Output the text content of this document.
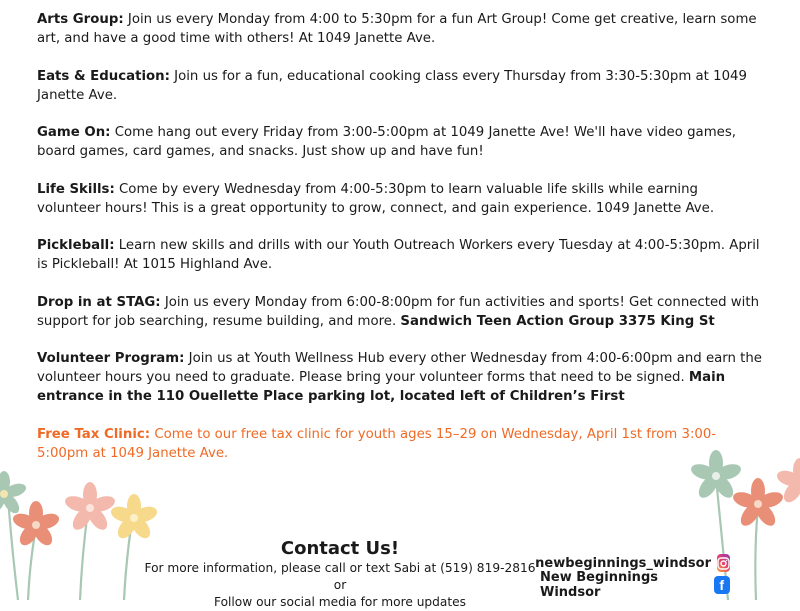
Arts Group: Join us every Monday from 4:00 to 5:30pm for a fun Art Group! Come get creative, learn some art, and have a good time with others! At 1049 Janette Ave.

Eats & Education: Join us for a fun, educational cooking class every Thursday from 3:30-5:30pm at 1049 Janette Ave.

Game On: Come hang out every Friday from 3:00-5:00pm at 1049 Janette Ave! We'll have video games, board games, card games, and snacks. Just show up and have fun!

Life Skills: Come by every Wednesday from 4:00-5:30pm to learn valuable life skills while earning volunteer hours! This is a great opportunity to grow, connect, and gain experience. 1049 Janette Ave.

Pickleball: Learn new skills and drills with our Youth Outreach Workers every Tuesday at 4:00-5:30pm. April is Pickleball! At 1015 Highland Ave.

Drop in at STAG: Join us every Monday from 6:00-8:00pm for fun activities and sports! Get connected with support for job searching, resume building, and more. Sandwich Teen Action Group 3375 King St

Volunteer Program: Join us at Youth Wellness Hub every other Wednesday from 4:00-6:00pm and earn the volunteer hours you need to graduate. Please bring your volunteer forms that need to be signed. Main entrance in the 110 Ouellette Place parking lot, located left of Children’s First

Free Tax Clinic: Come to our free tax clinic for youth ages 15–29 on Wednesday, April 1st from 3:00-5:00pm at 1049 Janette Ave.

Contact Us!

For more information, please call or text Sabi at (519) 819-2816 or

Follow our social media for more updates

newbeginnings_windsor
New Beginnings Windsor	f
